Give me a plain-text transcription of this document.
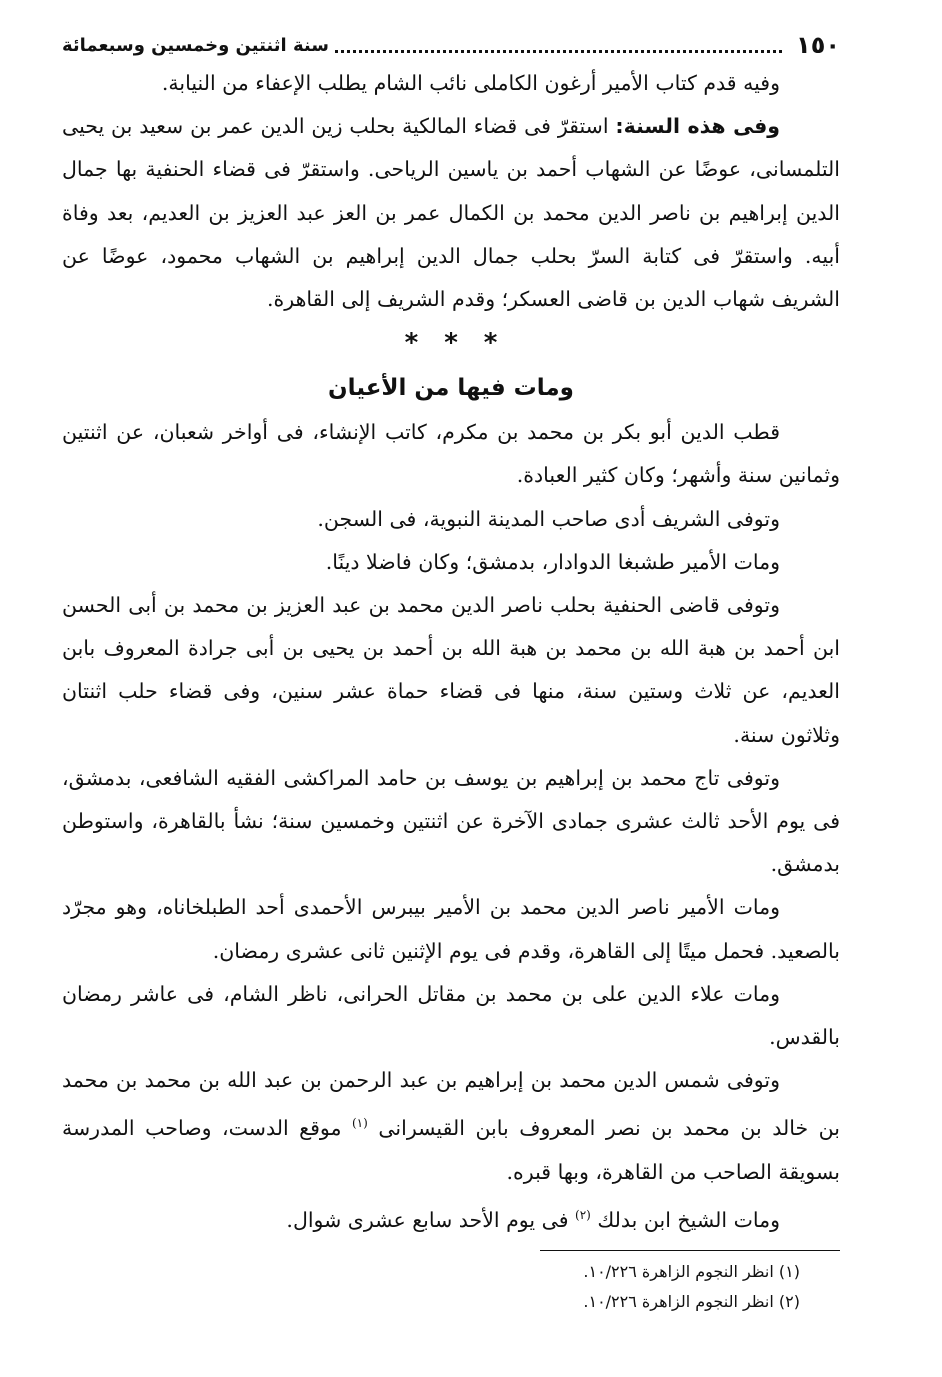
١٥٠
سنة اثنتين وخمسين وسبعمائة

وفيه قدم كتاب الأمير أرغون الكاملى نائب الشام يطلب الإعفاء من النيابة.

وفى هذه السنة: استقرّ فى قضاء المالكية بحلب زين الدين عمر بن سعيد بن يحيى التلمسانى، عوضًا عن الشهاب أحمد بن ياسين الرياحى. واستقرّ فى قضاء الحنفية بها جمال الدين إبراهيم بن ناصر الدين محمد بن الكمال عمر بن العز عبد العزيز بن العديم، بعد وفاة أبيه. واستقرّ فى كتابة السرّ بحلب جمال الدين إبراهيم بن الشهاب محمود، عوضًا عن الشريف شهاب الدين بن قاضى العسكر؛ وقدم الشريف إلى القاهرة.

***
ومات فيها من الأعيان

قطب الدين أبو بكر بن محمد بن مكرم، كاتب الإنشاء، فى أواخر شعبان، عن اثنتين وثمانين سنة وأشهر؛ وكان كثير العبادة.

وتوفى الشريف أدى صاحب المدينة النبوية، فى السجن.

ومات الأمير طشبغا الدوادار، بدمشق؛ وكان فاضلا دينًا.

وتوفى قاضى الحنفية بحلب ناصر الدين محمد بن عبد العزيز بن محمد بن أبى الحسن ابن أحمد بن هبة الله بن محمد بن هبة الله بن أحمد بن يحيى بن أبى جرادة المعروف بابن العديم، عن ثلاث وستين سنة، منها فى قضاء حماة عشر سنين، وفى قضاء حلب اثنتان وثلاثون سنة.

وتوفى تاج محمد بن إبراهيم بن يوسف بن حامد المراكشى الفقيه الشافعى، بدمشق، فى يوم الأحد ثالث عشرى جمادى الآخرة عن اثنتين وخمسين سنة؛ نشأ بالقاهرة، واستوطن بدمشق.

ومات الأمير ناصر الدين محمد بن الأمير بيبرس الأحمدى أحد الطبلخاناه، وهو مجرّد بالصعيد. فحمل ميتًا إلى القاهرة، وقدم فى يوم الإثنين ثانى عشرى رمضان.

ومات علاء الدين على بن محمد بن مقاتل الحرانى، ناظر الشام، فى عاشر رمضان بالقدس.

وتوفى شمس الدين محمد بن إبراهيم بن عبد الرحمن بن عبد الله بن محمد بن محمد بن خالد بن محمد بن نصر المعروف بابن القيسرانى $^{(١)}$ موقع الدست، وصاحب المدرسة بسويقة الصاحب من القاهرة، وبها قبره.

ومات الشيخ ابن بدلك $^{(٢)}$ فى يوم الأحد سابع عشرى شوال.

(١) انظر النجوم الزاهرة ١٠/٢٢٦.

(٢) انظر النجوم الزاهرة ١٠/٢٢٦.
